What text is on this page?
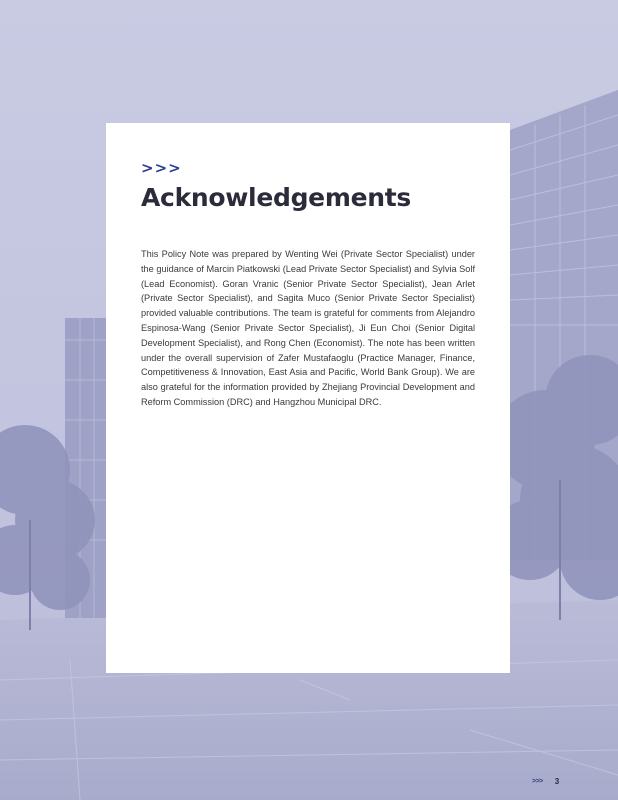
>>>
Acknowledgements

This Policy Note was prepared by Wenting Wei (Private Sector Specialist) under the guidance of Marcin Piatkowski (Lead Private Sector Specialist) and Sylvia Solf (Lead Economist). Goran Vranic (Senior Private Sector Specialist), Jean Arlet (Private Sector Specialist), and Sagita Muco (Senior Private Sector Specialist) provided valuable contributions. The team is grateful for comments from Alejandro Espinosa-Wang (Senior Private Sector Specialist), Ji Eun Choi (Senior Digital Development Specialist), and Rong Chen (Economist). The note has been written under the overall supervision of Zafer Mustafaoglu (Practice Manager, Finance, Competitiveness & Innovation, East Asia and Pacific, World Bank Group). We are also grateful for the information provided by Zhejiang Provincial Development and Reform Commission (DRC) and Hangzhou Municipal DRC.

>>> 3
